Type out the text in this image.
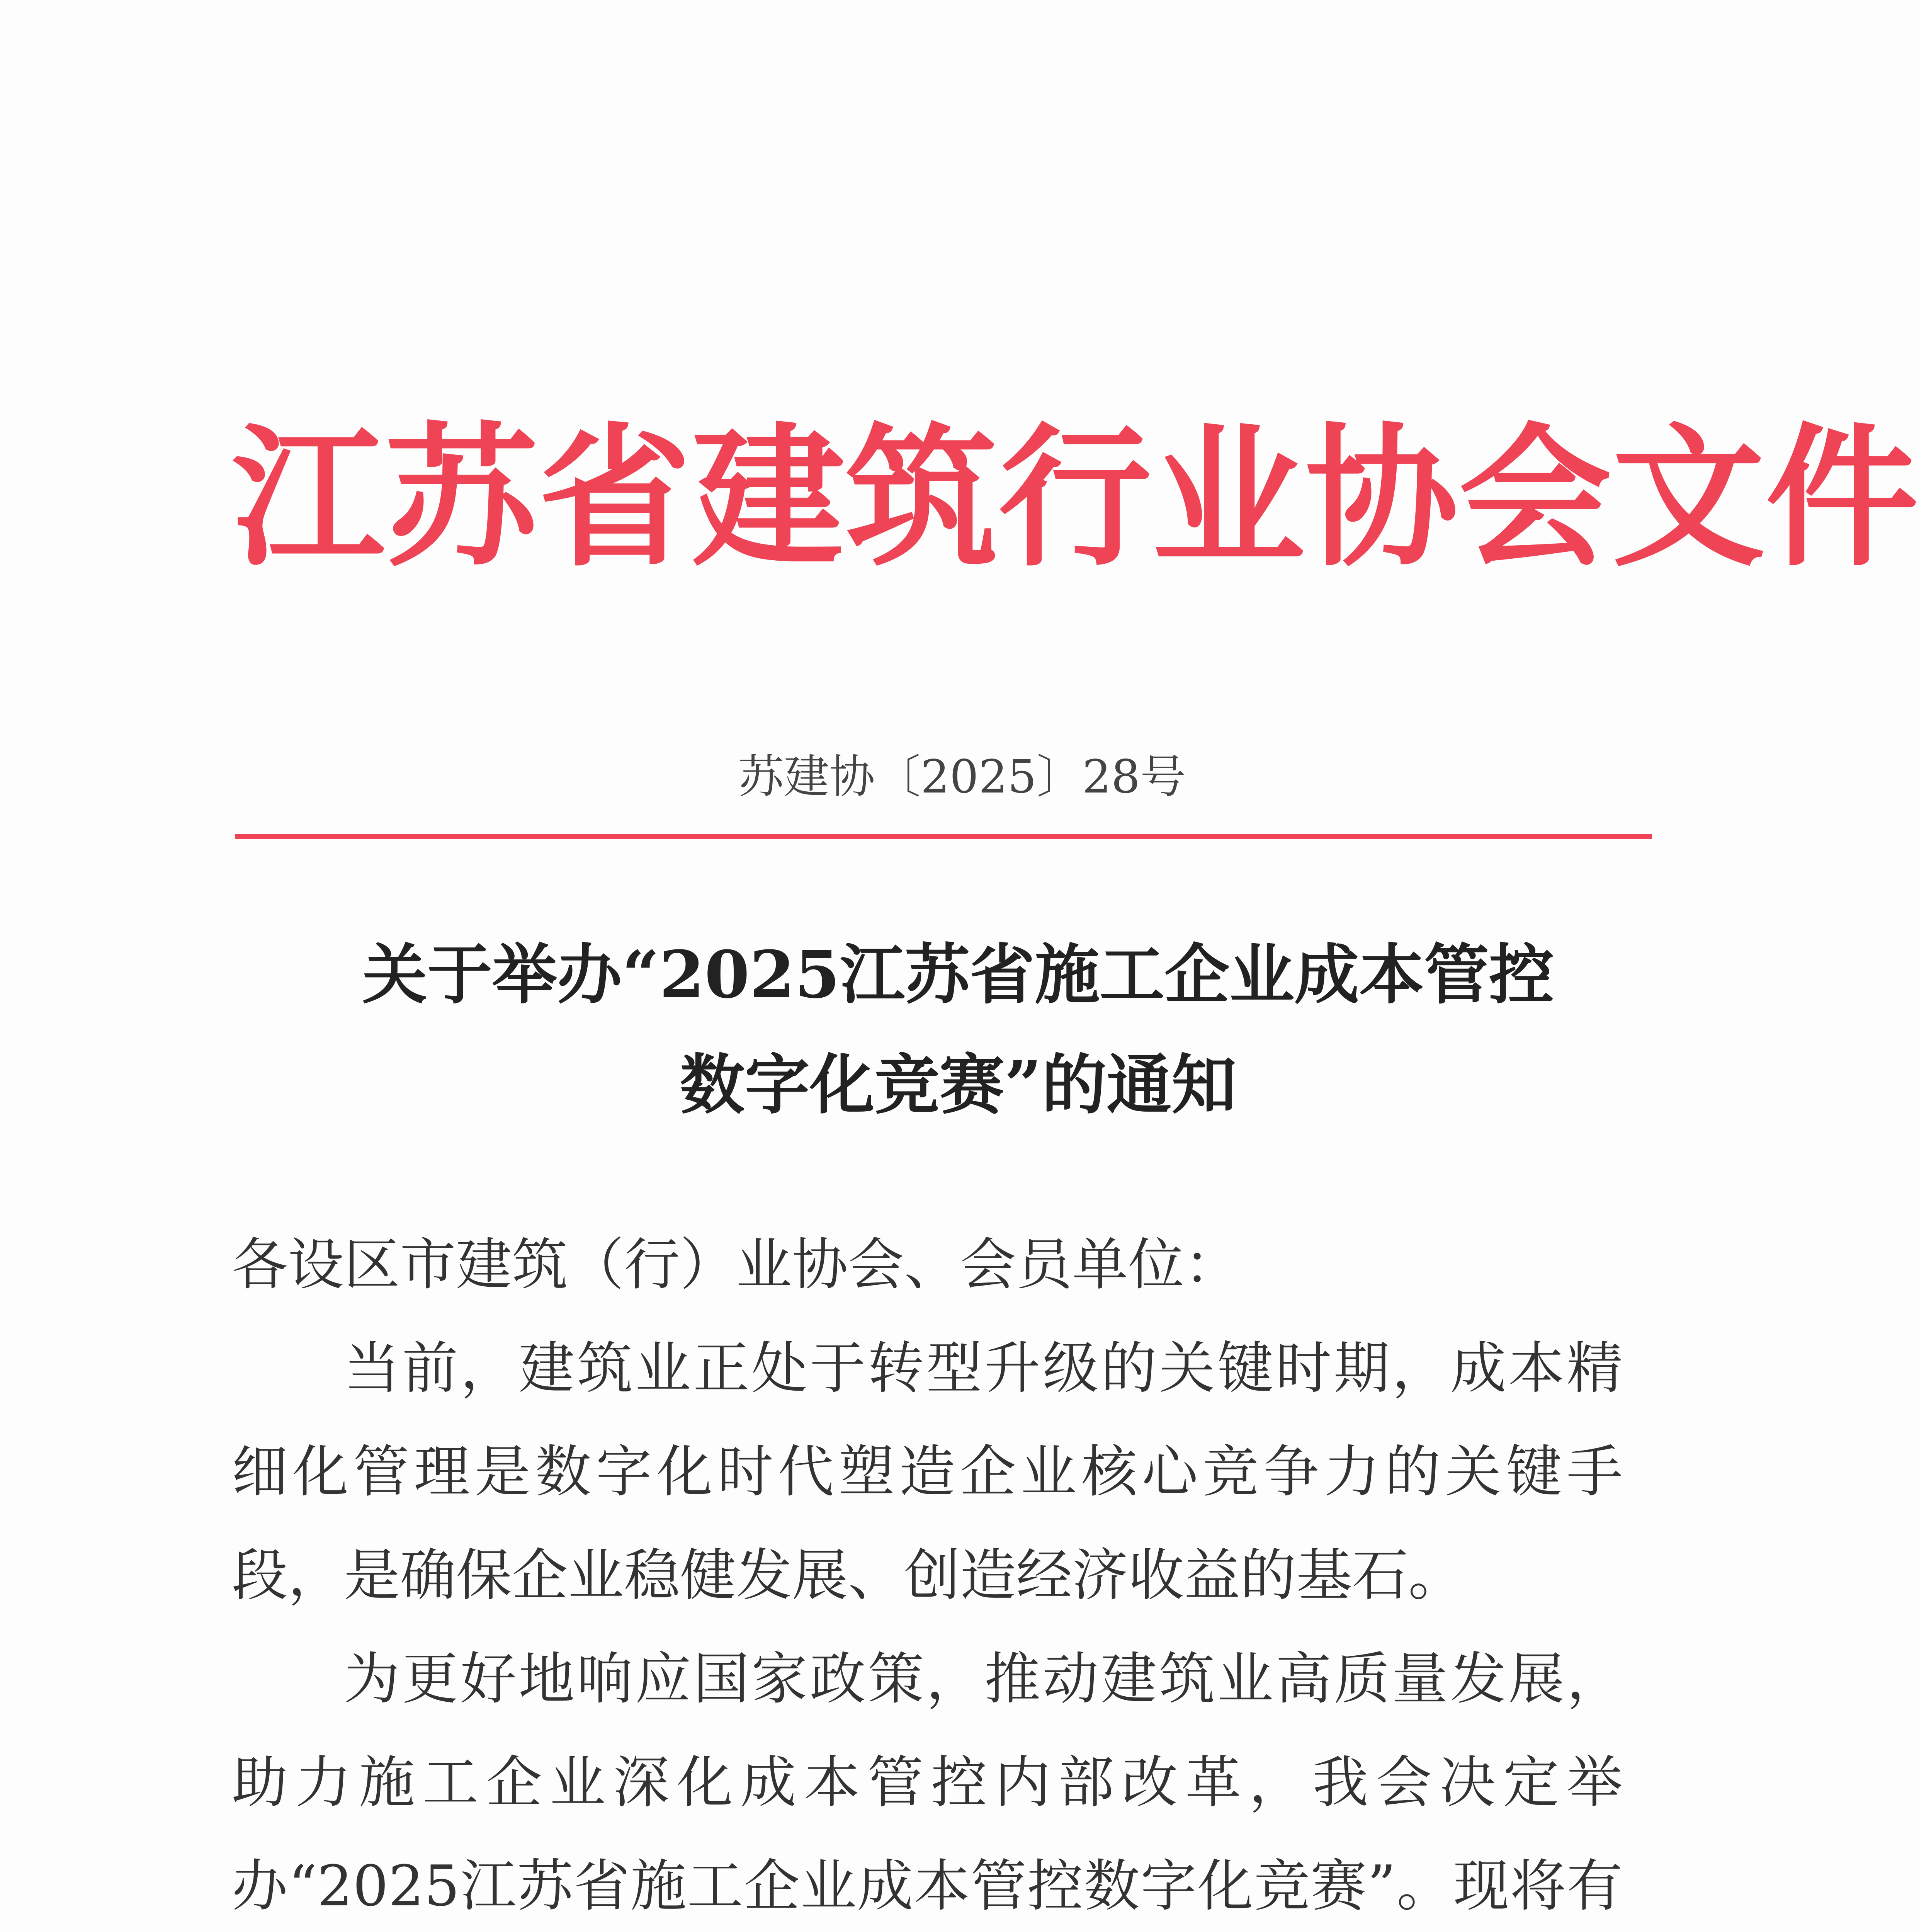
江苏省建筑行业协会文件
苏建协〔2025〕28号
关于举办“2025江苏省施工企业成本管控
数字化竞赛”的通知

各设区市建筑（行）业协会、会员单位：

当前，建筑业正处于转型升级的关键时期，成本精细化管理是数字化时代塑造企业核心竞争力的关键手段，是确保企业稳健发展、创造经济收益的基石。

为更好地响应国家政策，推动建筑业高质量发展，助力施工企业深化成本管控内部改革，我会决定举办“2025江苏省施工企业成本管控数字化竞赛”。现将有
